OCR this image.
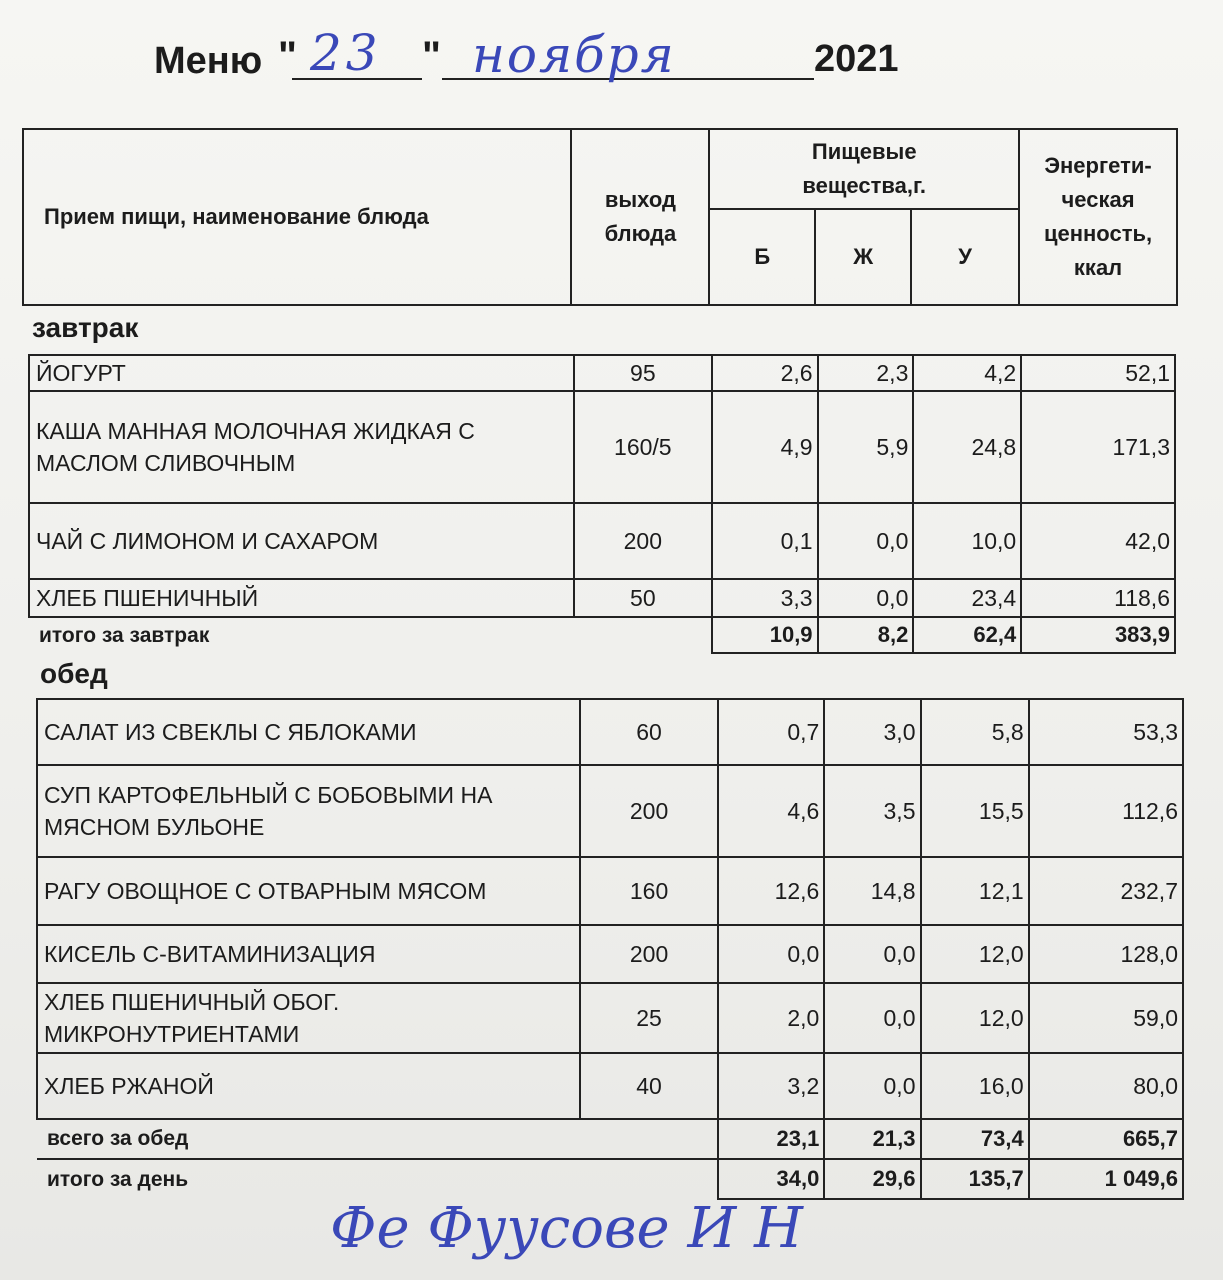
Меню " 23 " ноября	2021
Прием пищи, наименование блюда	выход блюда	Пищевые вещества,г.			Энергети-ческая ценность, ккал

		Б	Ж	У	
завтрак
ЙОГУРТ	95	2,6	2,3	4,2	52,1
КАША МАННАЯ МОЛОЧНАЯ ЖИДКАЯ С МАСЛОМ СЛИВОЧНЫМ	160/5	4,9	5,9	24,8	171,3
ЧАЙ С ЛИМОНОМ И САХАРОМ	200	0,1	0,0	10,0	42,0
ХЛЕБ ПШЕНИЧНЫЙ	50	3,3	0,0	23,4	118,6
итого за завтрак		10,9	8,2	62,4	383,9
обед
САЛАТ ИЗ СВЕКЛЫ С ЯБЛОКАМИ	60	0,7	3,0	5,8	53,3
СУП КАРТОФЕЛЬНЫЙ С БОБОВЫМИ НА МЯСНОМ БУЛЬОНЕ	200	4,6	3,5	15,5	112,6
РАГУ ОВОЩНОЕ С ОТВАРНЫМ МЯСОМ	160	12,6	14,8	12,1	232,7
КИСЕЛЬ С-ВИТАМИНИЗАЦИЯ	200	0,0	0,0	12,0	128,0
ХЛЕБ ПШЕНИЧНЫЙ ОБОГ. МИКРОНУТРИЕНТАМИ	25	2,0	0,0	12,0	59,0
ХЛЕБ РЖАНОЙ	40	3,2	0,0	16,0	80,0
всего за обед		23,1	21,3	73,4	665,7
итого за день		34,0	29,6	135,7	1 049,6
Фе Фуусове И Н
